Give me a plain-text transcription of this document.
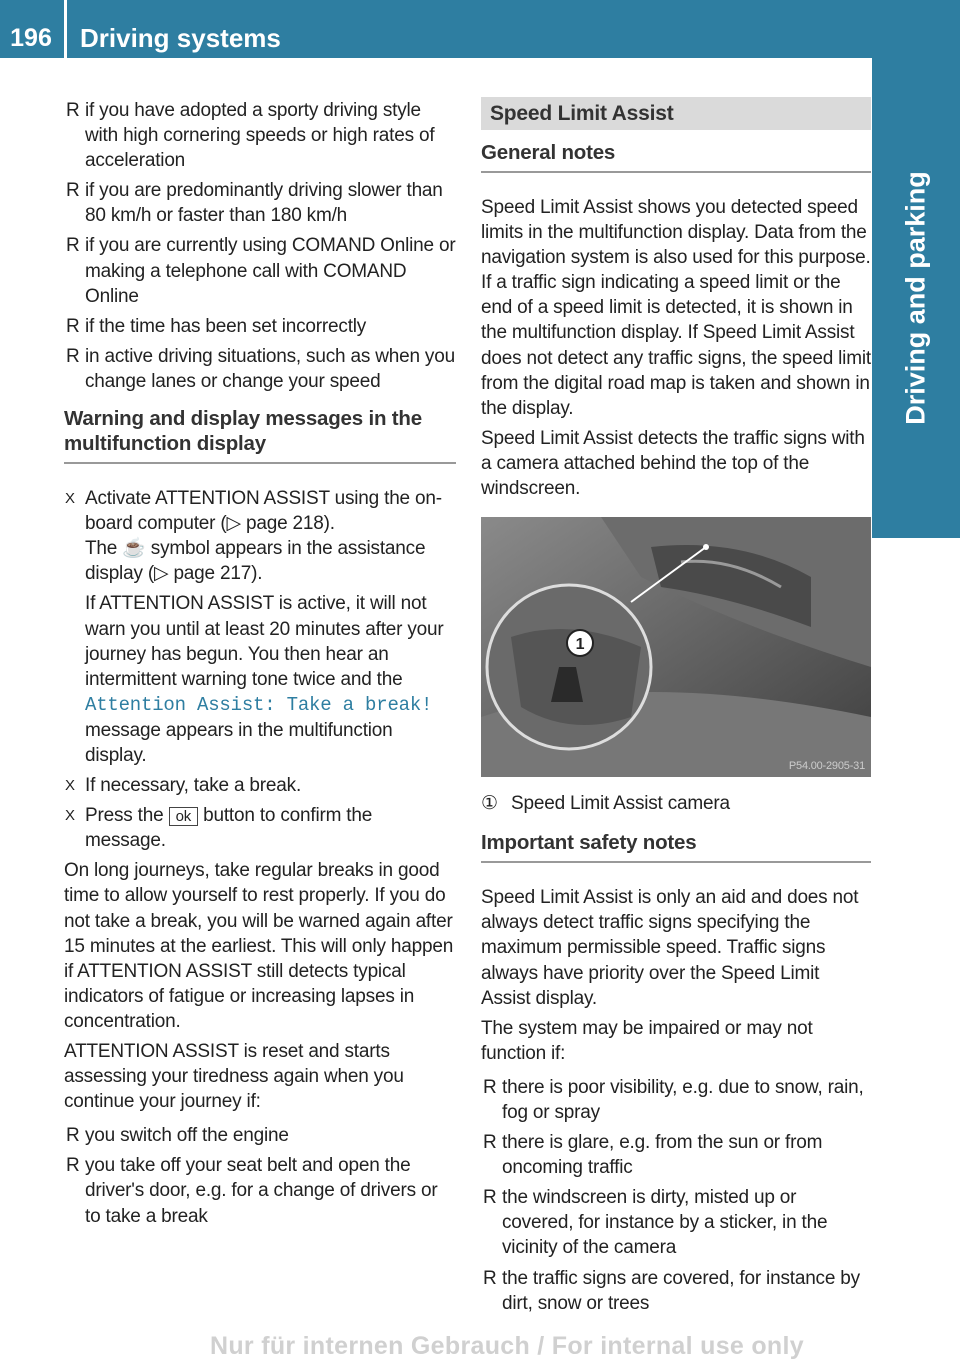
196	Driving systems
Driving and parking
R if you have adopted a sporty driving style with high cornering speeds or high rates of acceleration
R if you are predominantly driving slower than 80 km/h or faster than 180 km/h
R if you are currently using COMAND Online or making a telephone call with COMAND Online
R if the time has been set incorrectly
R in active driving situations, such as when you change lanes or change your speed
Warning and display messages in the multifunction display
X Activate ATTENTION ASSIST using the on-board computer (▷ page 218).
The ☕ symbol appears in the assistance display (▷ page 217).

If ATTENTION ASSIST is active, it will not warn you until at least 20 minutes after your journey has begun. You then hear an intermittent warning tone twice and the
Attention Assist: Take a break!
message appears in the multifunction display.

X If necessary, take a break.
X Press the ok button to confirm the message.

On long journeys, take regular breaks in good time to allow yourself to rest properly. If you do not take a break, you will be warned again after 15 minutes at the earliest. This will only happen if ATTENTION ASSIST still detects typical indicators of fatigue or increasing lapses in concentration.

ATTENTION ASSIST is reset and starts assessing your tiredness again when you continue your journey if:

R you switch off the engine
R you take off your seat belt and open the driver's door, e.g. for a change of drivers or to take a break
Speed Limit Assist
General notes

Speed Limit Assist shows you detected speed limits in the multifunction display. Data from the navigation system is also used for this purpose. If a traffic sign indicating a speed limit or the end of a speed limit is detected, it is shown in the multifunction display. If Speed Limit Assist does not detect any traffic signs, the speed limit from the digital road map is taken and shown in the display.

Speed Limit Assist detects the traffic signs with a camera attached behind the top of the windscreen.

1
P54.00-2905-31

① Speed Limit Assist camera

Important safety notes

Speed Limit Assist is only an aid and does not always detect traffic signs specifying the maximum permissible speed. Traffic signs always have priority over the Speed Limit Assist display.

The system may be impaired or may not function if:

R there is poor visibility, e.g. due to snow, rain, fog or spray
R there is glare, e.g. from the sun or from oncoming traffic
R the windscreen is dirty, misted up or covered, for instance by a sticker, in the vicinity of the camera
R the traffic signs are covered, for instance by dirt, snow or trees
Nur für internen Gebrauch / For internal use only
